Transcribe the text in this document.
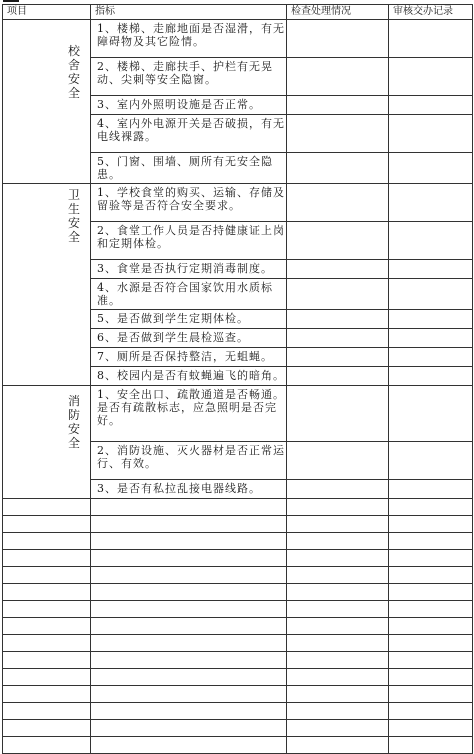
项目	指标	检查处理情况	审核交办记录

校舍安全	1、楼梯、走廊地面是否湿滑，有无障碍物及其它险情。		

	2、楼梯、走廊扶手、护栏有无晃动、尖刺等安全隐窗。		

	3、室内外照明设施是否正常。		

	4、室内外电源开关是否破损，有无电线裸露。		

	5、门窗、围墙、厕所有无安全隐患。		

卫生安全	1、学校食堂的购买、运输、存储及留验等是否符合安全要求。		

	2、食堂工作人员是否持健康证上岗和定期体检。		

	3、食堂是否执行定期消毒制度。		

	4、水源是否符合国家饮用水质标准。		

	5、是否做到学生定期体检。		

	6、是否做到学生晨检巡查。		

	7、厕所是否保持整洁，无蛆蝇。		

	8、校园内是否有蚊蝇遍飞的暗角。		

消防安全	1、安全出口、疏散通道是否畅通。是否有疏散标志，应急照明是否完好。		

	2、消防设施、灭火器材是否正常运行、有效。		

	3、是否有私拉乱接电器线路。		
